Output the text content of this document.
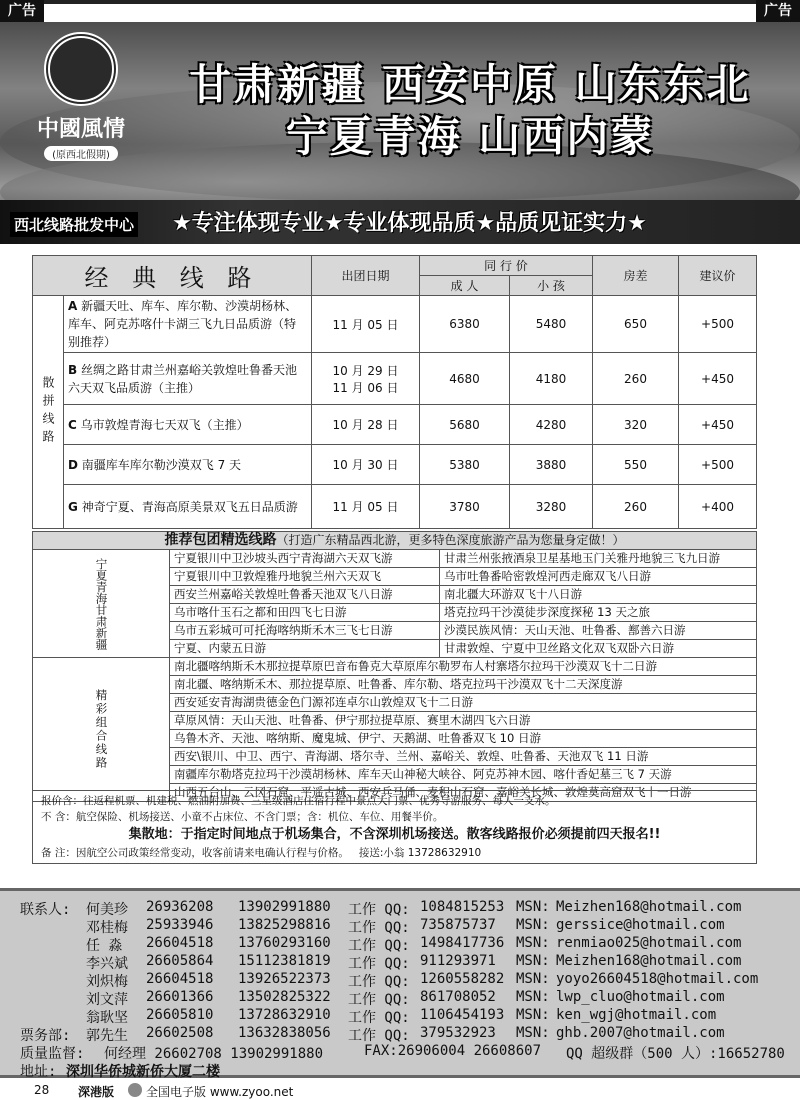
广告	广告
中國風情
(原西北假期)
甘肃新疆 西安中原 山东东北
宁夏青海 山西内蒙
西北线路批发中心 ★专注体现专业★专业体现品质★品质见证实力★
经 典 线 路		出团日期	同 行 价		房差	建议价
			成 人	小 孩		
散拼线路	A 新疆天吐、库车、库尔勒、沙漠胡杨林、库车、阿克苏喀什卡湖三飞九日品质游（特别推荐）	11 月 05 日	6380	5480	650	+500
	B 丝绸之路甘肃兰州嘉峪关敦煌吐鲁番天池六天双飞品质游（主推）	10 月 29 日
11 月 06 日	4680	4180	260	+450
	C 乌市敦煌青海七天双飞（主推）	10 月 28 日	5680	4280	320	+450
	D 南疆库车库尔勒沙漠双飞 7 天	10 月 30 日	5380	3880	550	+500
	G 神奇宁夏、青海高原美景双飞五日品质游	11 月 05 日	3780	3280	260	+400
推荐包团精选线路（打造广东精品西北游，更多特色深度旅游产品为您量身定做！）		
宁夏青海甘肃新疆	宁夏银川中卫沙坡头西宁青海湖六天双飞游	甘肃兰州张掖酒泉卫星基地玉门关雅丹地貌三飞九日游
	宁夏银川中卫敦煌雅丹地貌兰州六天双飞	乌市吐鲁番哈密敦煌河西走廊双飞八日游
	西安兰州嘉峪关敦煌吐鲁番天池双飞八日游	南北疆大环游双飞十八日游
	乌市喀什玉石之都和田四飞七日游	塔克拉玛干沙漠徒步深度探秘 13 天之旅
	乌市五彩城可可托海喀纳斯禾木三飞七日游	沙漠民族风情：天山天池、吐鲁番、鄯善六日游
	宁夏、内蒙五日游	甘肃敦煌、宁夏中卫丝路文化双飞双卧六日游
精彩组合线路	南北疆喀纳斯禾木那拉提草原巴音布鲁克大草原库尔勒罗布人村寨塔尔拉玛干沙漠双飞十二日游	
	南北疆、喀纳斯禾木、那拉提草原、吐鲁番、库尔勒、塔克拉玛干沙漠双飞十二天深度游	
	西安延安青海湖贵德金色门源祁连卓尔山敦煌双飞十二日游	
	草原风情：天山天池、吐鲁番、伊宁那拉提草原、赛里木湖四飞六日游	
	乌鲁木齐、天池、喀纳斯、魔鬼城、伊宁、天鹅湖、吐鲁番双飞 10 日游	
	西安\银川、中卫、西宁、青海湖、塔尔寺、兰州、嘉峪关、敦煌、吐鲁番、天池双飞 11 日游	
	南疆库尔勒塔克拉玛干沙漠胡杨林、库车天山神秘大峡谷、阿克苏神木园、喀什香妃墓三飞 7 天游	
	山西五台山、云冈石窟、平遥古城、西安兵马俑、麦积山石窟、嘉峪关长城、敦煌莫高窟双飞十一日游	
报价含：往返程机票、机建税、燃油附加费、三星级酒店住宿行程中景点大门票、优秀导游服务、每人一支水。
不 含：航空保险、机场接送、小童不占床位、不含门票；含：机位、车位、用餐半价。
集散地：于指定时间地点于机场集合，不含深圳机场接送。散客线路报价必须提前四天报名!!
备 注：因航空公司政策经常变动，收客前请来电确认行程与价格。 接送:小翁 13728632910
联系人: 何美珍 26936208 13902991880 工作 QQ: 1084815253 MSN: Meizhen168@hotmail.com
邓桂梅 25933946 13825298816 工作 QQ: 735875737 MSN: gerssice@hotmail.com
任 淼 26604518 13760293160 工作 QQ: 1498417736 MSN: renmiao025@hotmail.com
李兴斌 26605864 15112381819 工作 QQ: 911293971 MSN: Meizhen168@hotmail.com
刘炽梅 26604518 13926522373 工作 QQ: 1260558282 MSN: yoyo26604518@hotmail.com
刘文萍 26601366 13502825322 工作 QQ: 861708052 MSN: lwp_cluo@hotmail.com
翁耿坚 26605810 13728632910 工作 QQ: 1106454193 MSN: ken_wgj@hotmail.com
票务部: 郭先生 26602508 13632838056 工作 QQ: 379532923 MSN: ghb.2007@hotmail.com
质量监督: 何经理 26602708 13902991880	FAX:26906004 26608607 QQ 超级群（500 人）:16652780
地址: 深圳华侨城新侨大厦二楼
28 深港版	全国电子版 www.zyoo.net
